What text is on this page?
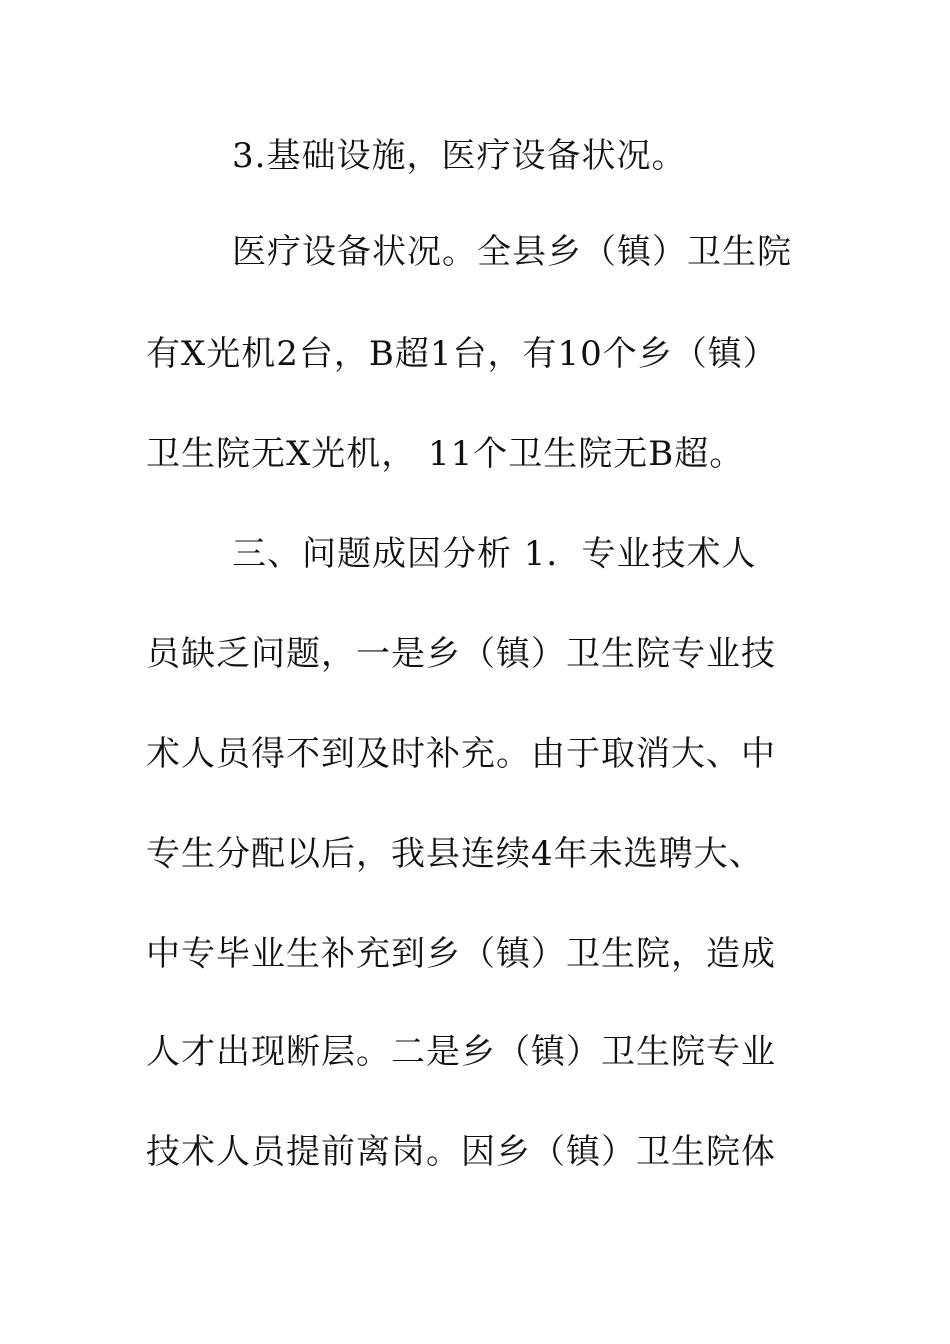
3.基础设施，医疗设备状况。
医疗设备状况。全县乡（镇）卫生院
有X光机2台，B超1台，有10个乡（镇）
卫生院无X光机， 11个卫生院无B超。
三、问题成因分析 1．专业技术人
员缺乏问题，一是乡（镇）卫生院专业技
术人员得不到及时补充。由于取消大、中
专生分配以后，我县连续4年未选聘大、
中专毕业生补充到乡（镇）卫生院，造成
人才出现断层。二是乡（镇）卫生院专业
技术人员提前离岗。因乡（镇）卫生院体
